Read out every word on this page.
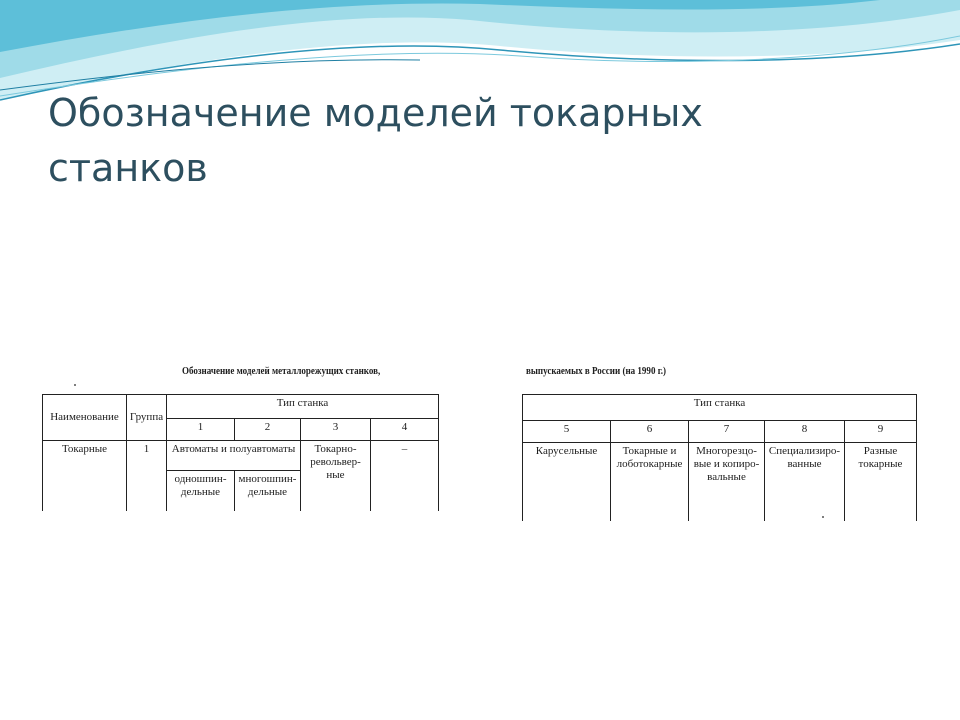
Обозначение моделей токарных станков
Обозначение моделей металлорежущих станков,
Наименование	Группа	Тип станка			
		1	2	3	4
Токарные	1	Автоматы и полуавтоматы		Токарно-револьвер-ные	–
		одношпин-дельные	многошпин-дельные		
выпускаемых в России (на 1990 г.)
Тип станка				
5	6	7	8	9
Карусельные	Токарные и лоботокарные	Многорезцо-вые и копиро-вальные	Специализиро-ванные	Разные токарные
